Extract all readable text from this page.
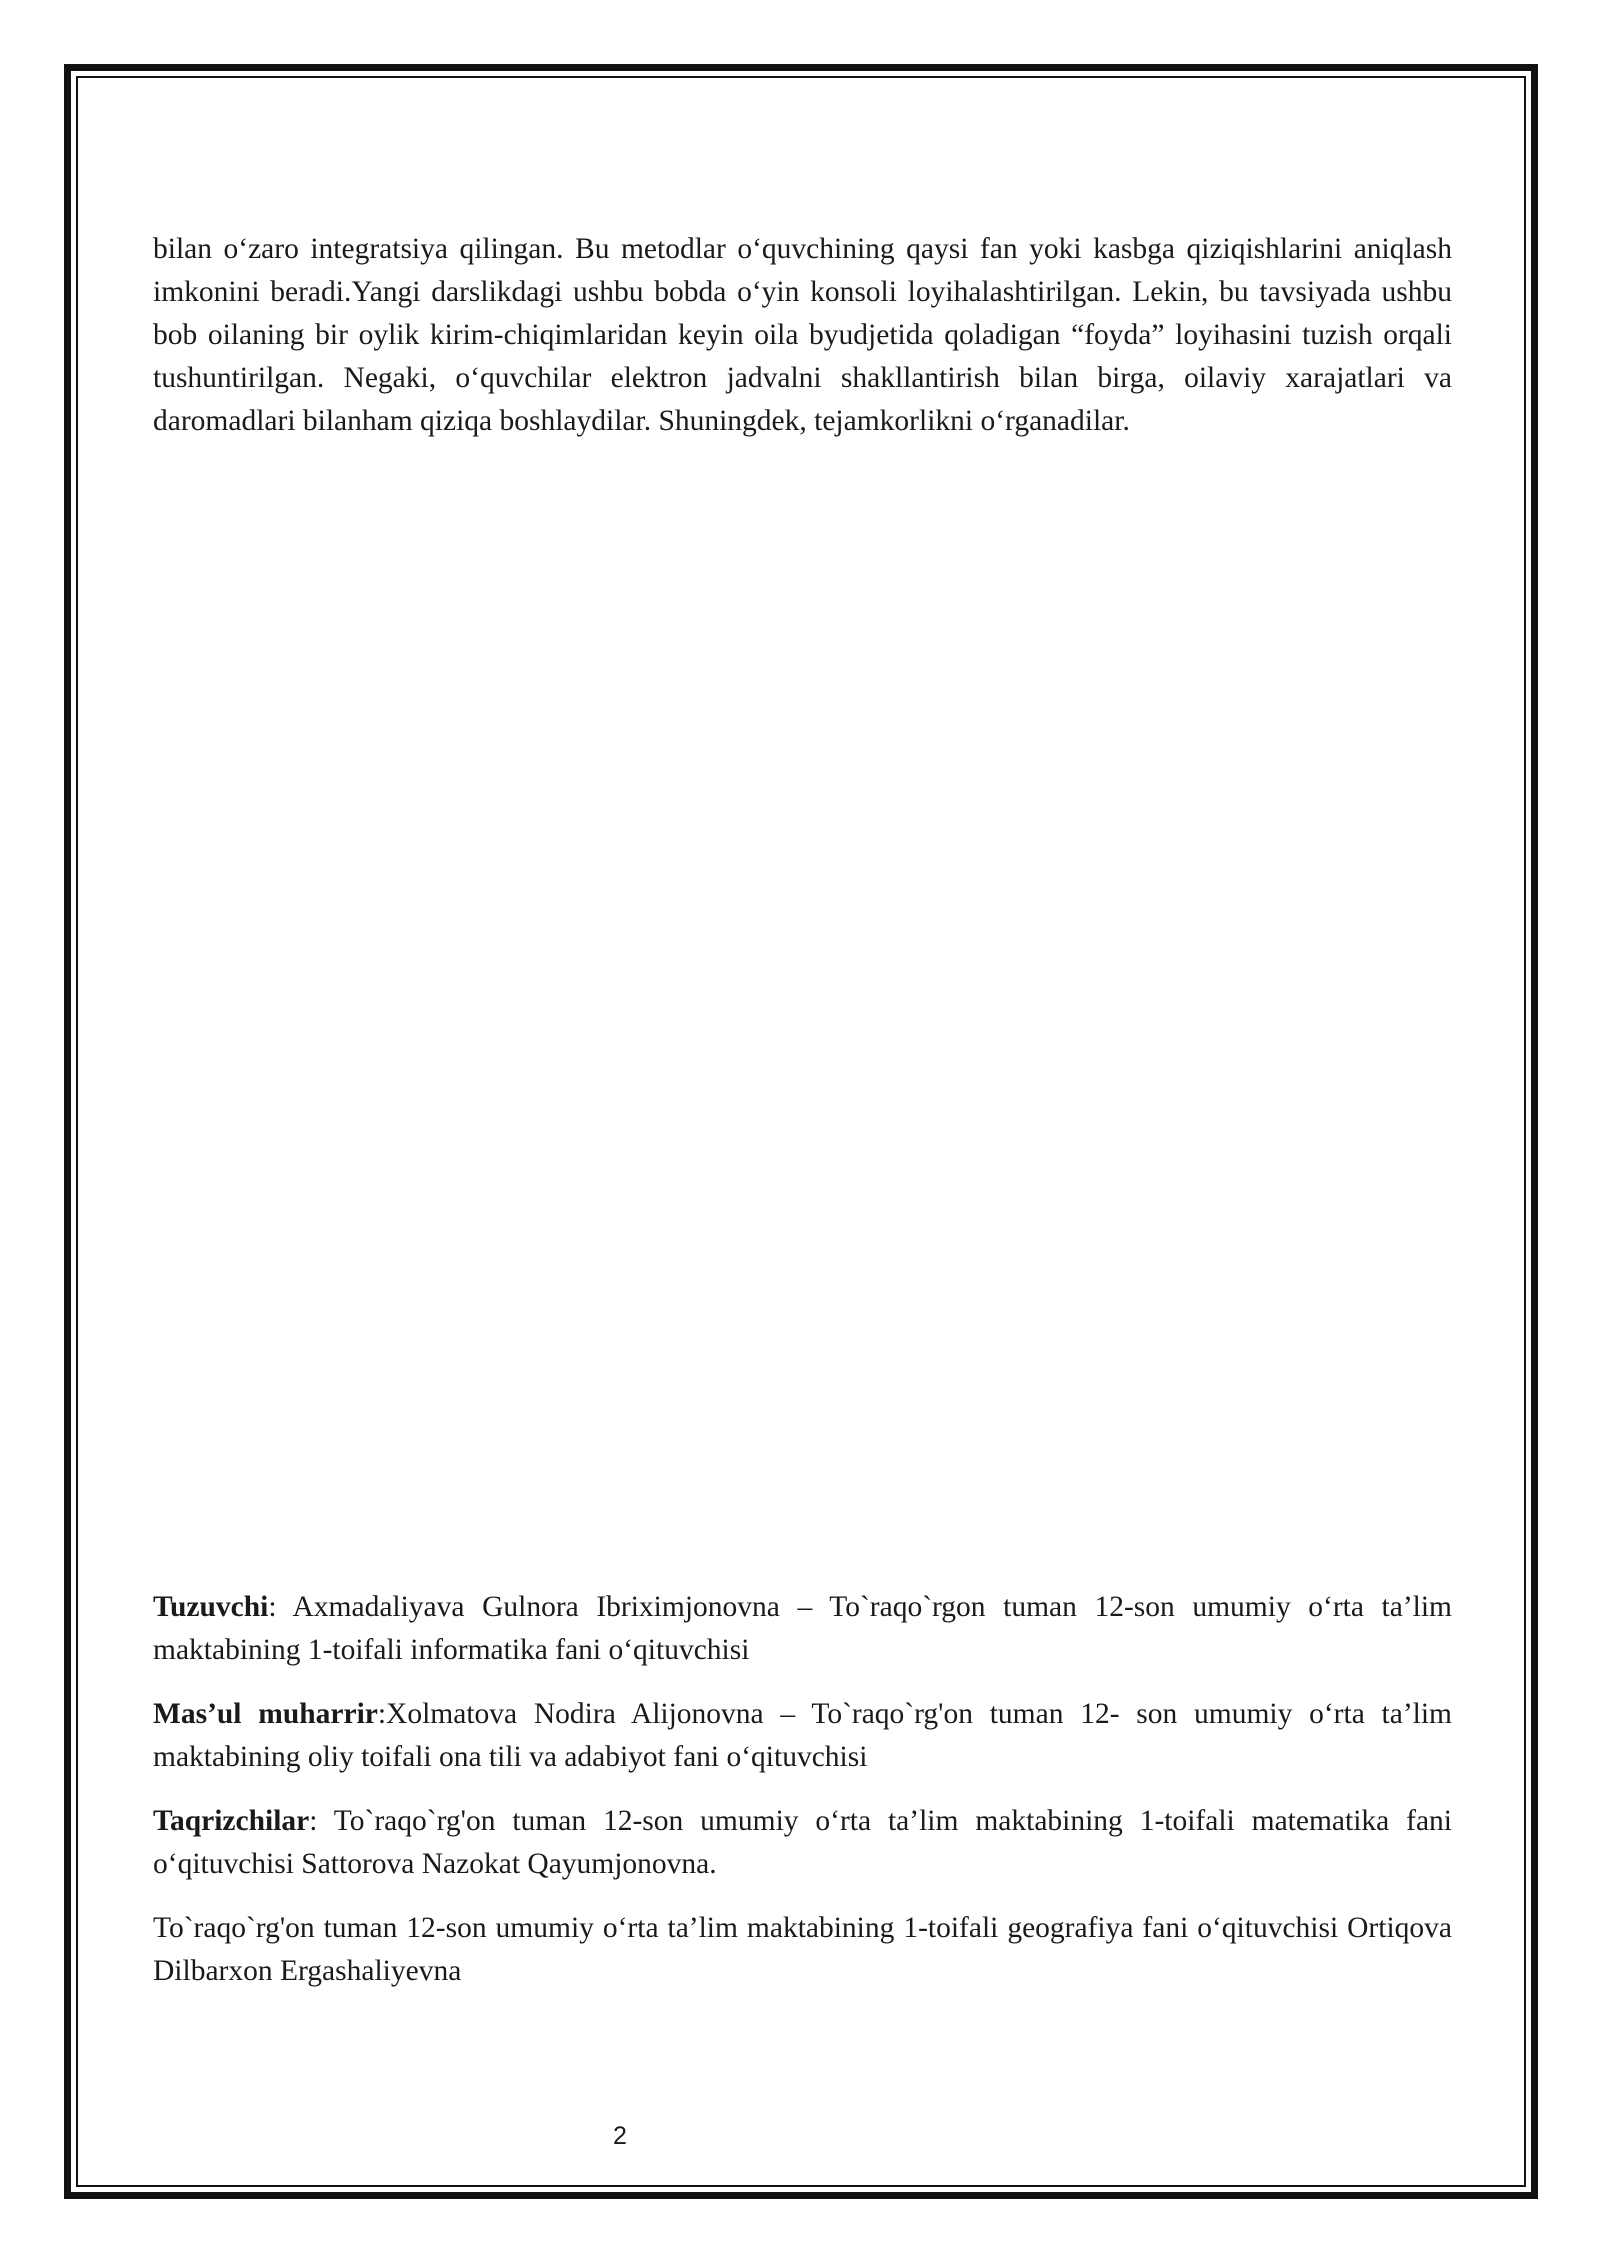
bilan o‘zaro integratsiya qilingan. Bu metodlar o‘quvchining qaysi fan yoki kasbga qiziqishlarini aniqlash imkonini beradi.Yangi darslikdagi ushbu bobda o‘yin konsoli loyihalashtirilgan. Lekin, bu tavsiyada ushbu bob oilaning bir oylik kirim-chiqimlaridan keyin oila byudjetida qoladigan “foyda” loyihasini tuzish orqali tushuntirilgan. Negaki, o‘quvchilar elektron jadvalni shakllantirish bilan birga, oilaviy xarajatlari va daromadlari bilanham qiziqa boshlaydilar. Shuningdek, tejamkorlikni o‘rganadilar.

Tuzuvchi: Axmadaliyava Gulnora Ibriximjonovna – To`raqo`rgon tuman 12-son umumiy o‘rta ta’lim maktabining 1-toifali informatika fani o‘qituvchisi

Mas’ul muharrir:Xolmatova Nodira Alijonovna – To`raqo`rg'on tuman 12- son umumiy o‘rta ta’lim maktabining oliy toifali ona tili va adabiyot fani o‘qituvchisi

Taqrizchilar: To`raqo`rg'on tuman 12-son umumiy o‘rta ta’lim maktabining 1-toifali matematika fani o‘qituvchisi Sattorova Nazokat Qayumjonovna.

To`raqo`rg'on tuman 12-son umumiy o‘rta ta’lim maktabining 1-toifali geografiya fani o‘qituvchisi Ortiqova Dilbarxon Ergashaliyevna

2
